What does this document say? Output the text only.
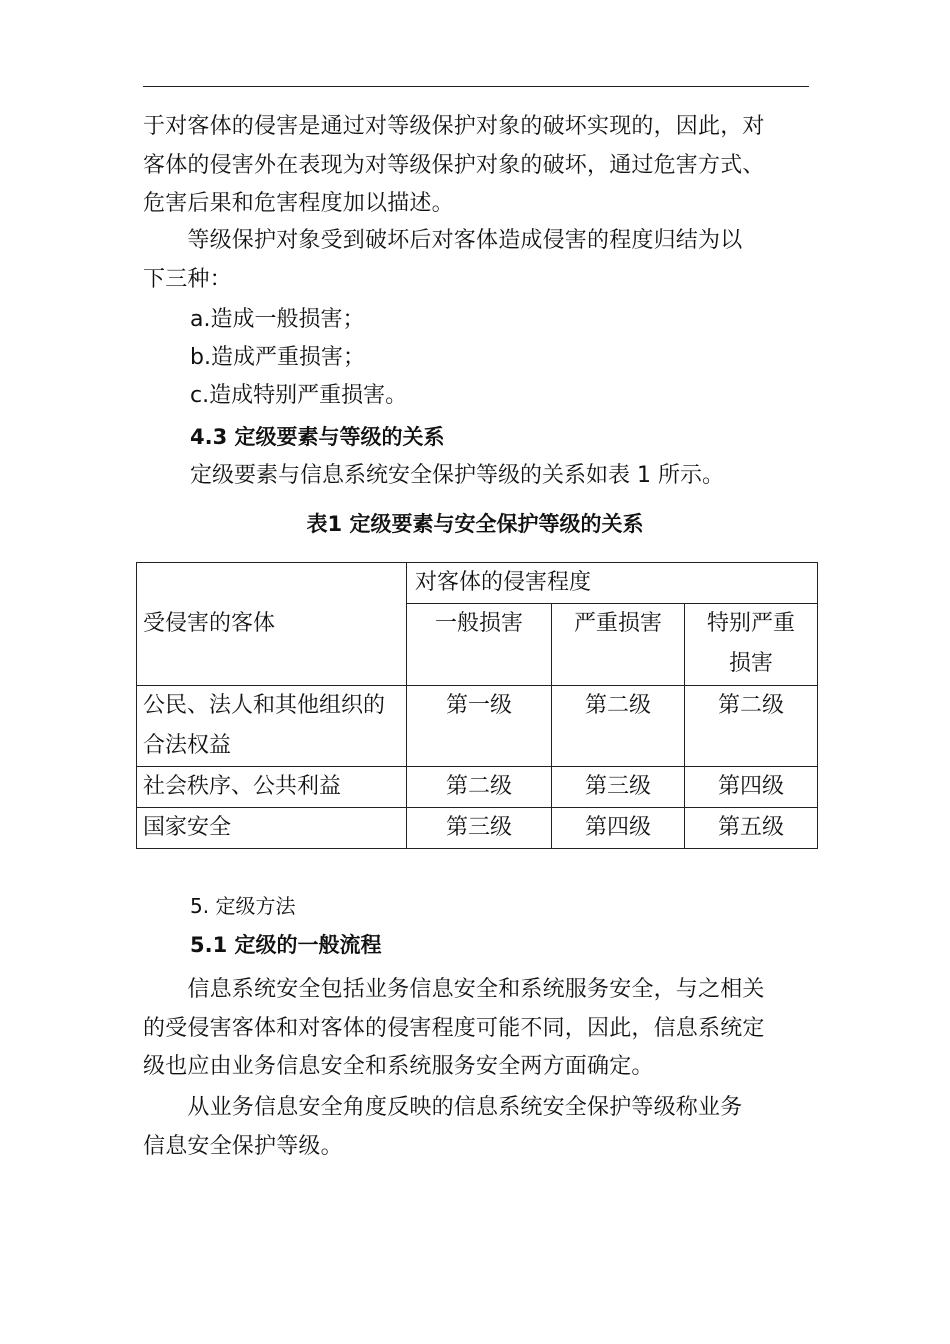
于对客体的侵害是通过对等级保护对象的破坏实现的，因此，对
客体的侵害外在表现为对等级保护对象的破坏，通过危害方式、
危害后果和危害程度加以描述。
　　等级保护对象受到破坏后对客体造成侵害的程度归结为以
下三种：
a.造成一般损害；
b.造成严重损害；
c.造成特别严重损害。
4.3 定级要素与等级的关系
定级要素与信息系统安全保护等级的关系如表 1 所示。
表1 定级要素与安全保护等级的关系
受侵害的客体	对客体的侵害程度		
	一般损害	严重损害	特别严重
损害
公民、法人和其他组织的合法权益	第一级	第二级	第二级
社会秩序、公共利益	第二级	第三级	第四级
国家安全	第三级	第四级	第五级
5. 定级方法
5.1 定级的一般流程
　　信息系统安全包括业务信息安全和系统服务安全，与之相关
的受侵害客体和对客体的侵害程度可能不同，因此，信息系统定
级也应由业务信息安全和系统服务安全两方面确定。
　　从业务信息安全角度反映的信息系统安全保护等级称业务
信息安全保护等级。
